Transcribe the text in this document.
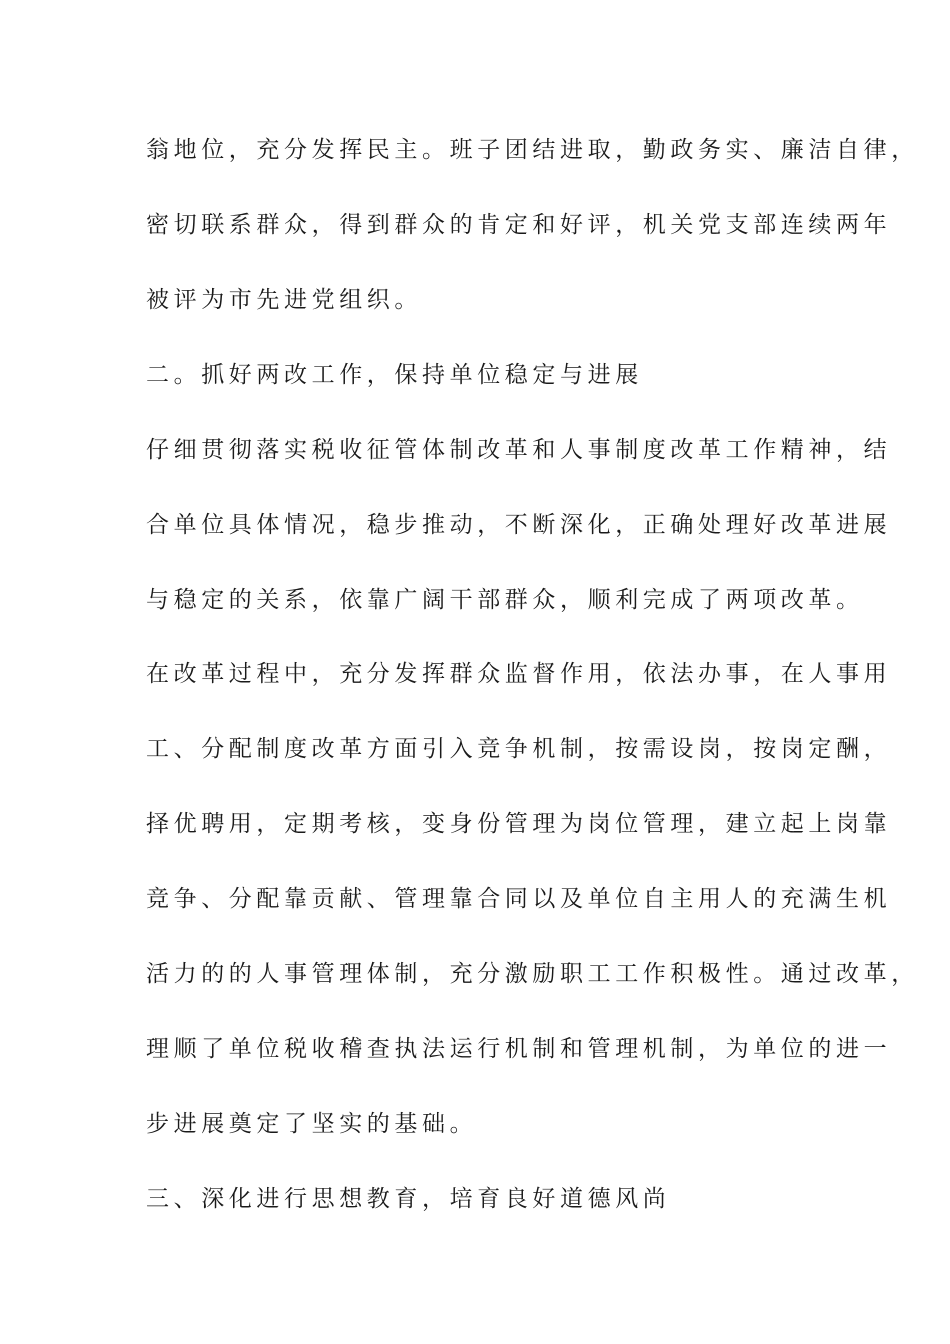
翁地位，充分发挥民主。班子团结进取，勤政务实、廉洁自律，

密切联系群众，得到群众的肯定和好评，机关党支部连续两年

被评为市先进党组织。

二。抓好两改工作，保持单位稳定与进展

仔细贯彻落实税收征管体制改革和人事制度改革工作精神，结

合单位具体情况，稳步推动，不断深化，正确处理好改革进展

与稳定的关系，依靠广阔干部群众，顺利完成了两项改革。

在改革过程中，充分发挥群众监督作用，依法办事，在人事用

工、分配制度改革方面引入竞争机制，按需设岗，按岗定酬，

择优聘用，定期考核，变身份管理为岗位管理，建立起上岗靠

竞争、分配靠贡献、管理靠合同以及单位自主用人的充满生机

活力的的人事管理体制，充分激励职工工作积极性。通过改革，

理顺了单位税收稽查执法运行机制和管理机制，为单位的进一

步进展奠定了坚实的基础。

三、深化进行思想教育，培育良好道德风尚
